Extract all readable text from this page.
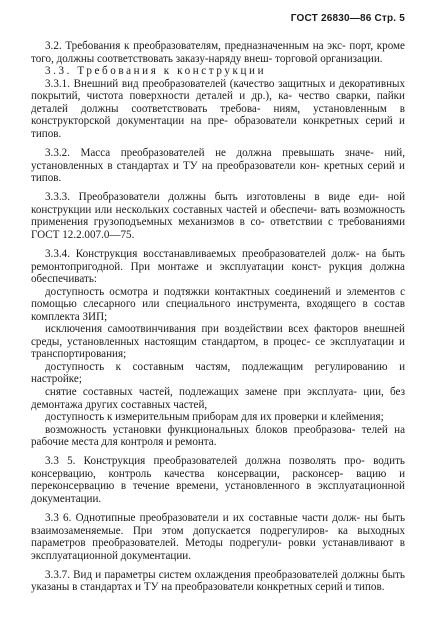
ГОСТ 26830—86 Стр. 5

3.2. Требования к преобразователям, предназначенным на экс- порт, кроме того, должны соответствовать заказу-наряду внеш- торговой организации.

3.3. Требования к конструкции

3.3.1. Внешний вид преобразователей (качество защитных и декоративных покрытий, чистота поверхности деталей и др.), ка- чество сварки, пайки деталей должны соответствовать требова- ниям, установленным в конструкторской документации на пре- образователи конкретных серий и типов.

3.3.2. Масса преобразователей не должна превышать значе- ний, установленных в стандартах и ТУ на преобразователи кон- кретных серий и типов.

3.3.3. Преобразователи должны быть изготовлены в виде еди- ной конструкции или нескольких составных частей и обеспечи- вать возможность применения грузоподъемных механизмов в со- ответствии с требованиями ГОСТ 12.2.007.0—75.

3.3.4. Конструкция восстанавливаемых преобразователей долж- на быть ремонтопригодной. При монтаже и эксплуатации конст- рукция должна обеспечивать:

доступность осмотра и подтяжки контактных соединений и элементов с помощью слесарного или специального инструмента, входящего в состав комплекта ЗИП;

исключения самоотвинчивания при воздействии всех факторов внешней среды, установленных настоящим стандартом, в процес- се эксплуатации и транспортирования;

доступность к составным частям, подлежащим регулированию и настройке;

снятие составных частей, подлежащих замене при эксплуата- ции, без демонтажа других составных частей,

доступность к измерительным приборам для их проверки и клеймения;

возможность установки функциональных блоков преобразова- телей на рабочие места для контроля и ремонта.

3.3 5. Конструкция преобразователей должна позволять про- водить консервацию, контроль качества консервации, расконсер- вацию и переконсервацию в течение времени, установленного в эксплуатационной документации.

3.3 6. Однотипные преобразователи и их составные части долж- ны быть взаимозаменяемые. При этом допускается подрегулиров- ка выходных параметров преобразователей. Методы подрегули- ровки устанавливают в эксплуатационной документации.

3.3.7. Вид и параметры систем охлаждения преобразователей должны быть указаны в стандартах и ТУ на преобразователи конкретных серий и типов.
